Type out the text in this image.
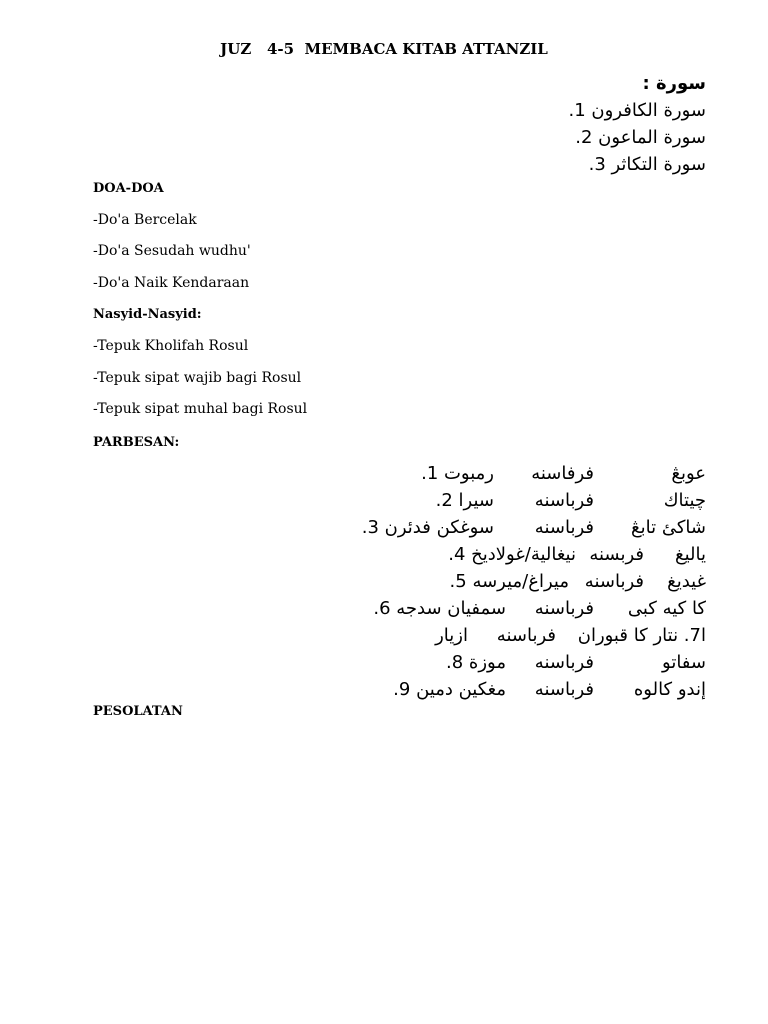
JUZ   4-5  MEMBACA KITAB ATTANZIL
سورة :
سورة الكافرون 1.
سورة الماعون 2.
سورة التكاثر 3.
DOA-DOA
-Do'a Bercelak
-Do'a Sesudah wudhu'
-Do'a Naik Kendaraan
Nasyid-Nasyid:
-Tepuk Kholifah Rosul
-Tepuk sipat wajib bagi Rosul
-Tepuk sipat muhal bagi Rosul
PARBESAN:
PESOLATAN
عوبڠ
فرفاسنه
رمبوت 1.
چيتاك
فرباسنه
سيرا 2.
شاكئ تابڠ
فرباسنه
سوغكن فدئرن 3.
ياليغ
فربسنه
نيغالية/غولاديخ 4.
غيديغ
فرباسنه
ميراغ/ميرسه 5.
كا كيه كبى
فرباسنه
سمفيان سدجه 6.
ا7. نتار كا قبوران
فرباسنه
ازيار
سفاتو
فرباسنه
موزة 8.
إندو كالوه
فرباسنه
مغكين دمين 9.
